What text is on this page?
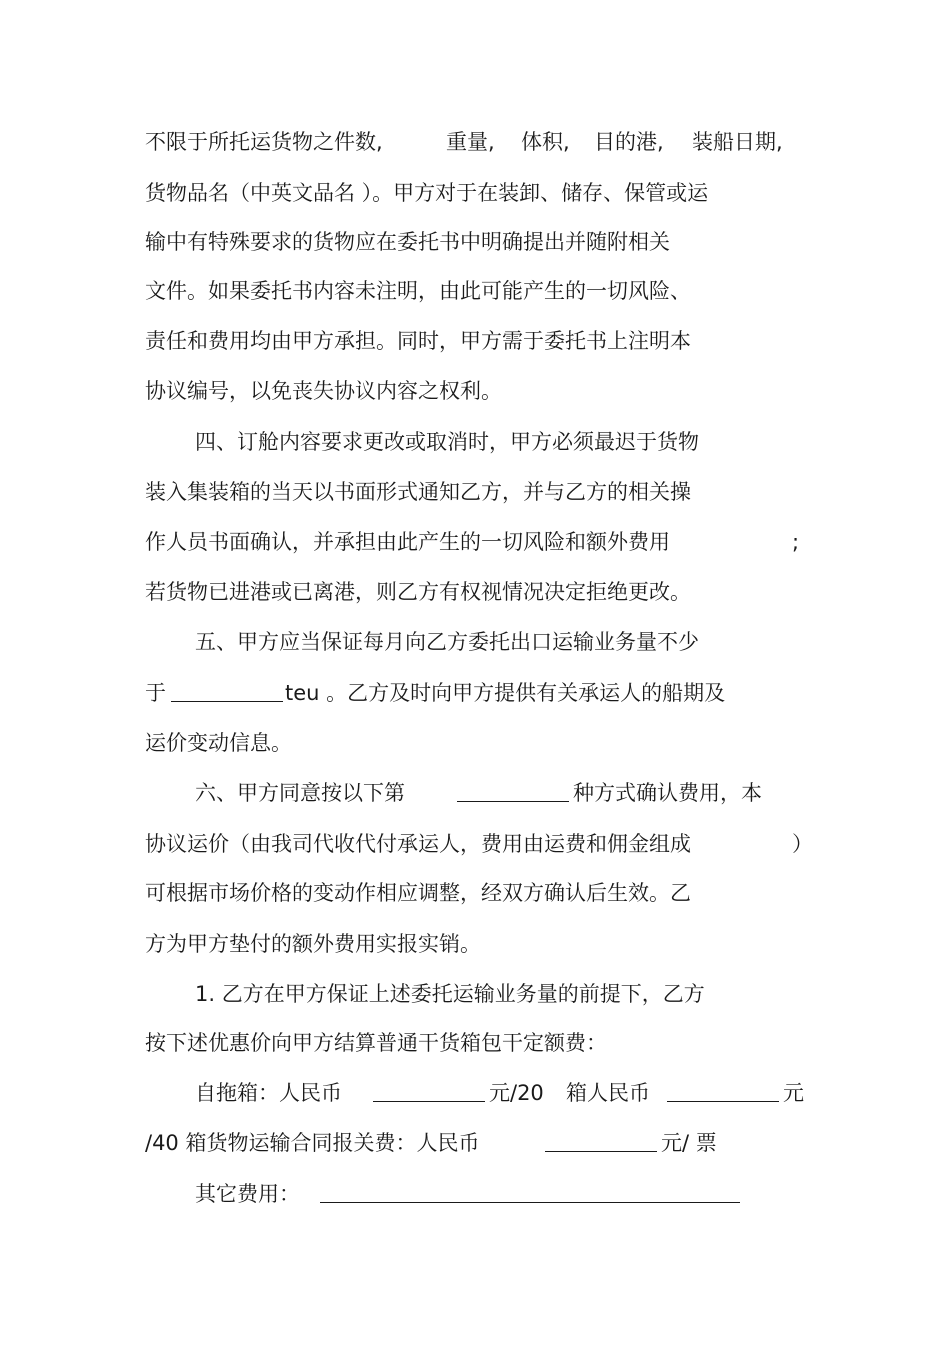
不限于所托运货物之件数,	重量, 体积, 目的港, 装船日期,
货物品名（中英文品名 ）。甲方对于在装卸、储存、保管或运
输中有特殊要求的货物应在委托书中明确提出并随附相关
文件。如果委托书内容未注明，由此可能产生的一切风险、
责任和费用均由甲方承担。同时，甲方需于委托书上注明本
协议编号，以免丧失协议内容之权利。
四、订舱内容要求更改或取消时，甲方必须最迟于货物
装入集装箱的当天以书面形式通知乙方，并与乙方的相关操
作人员书面确认，并承担由此产生的一切风险和额外费用	;
若货物已进港或已离港，则乙方有权视情况决定拒绝更改。
五、甲方应当保证每月向乙方委托出口运输业务量不少
于	teu 。乙方及时向甲方提供有关承运人的船期及
运价变动信息。
六、甲方同意按以下第	种方式确认费用，本
协议运价（由我司代收代付承运人，费用由运费和佣金组成	）
可根据市场价格的变动作相应调整，经双方确认后生效。乙
方为甲方垫付的额外费用实报实销。
1. 乙方在甲方保证上述委托运输业务量的前提下，乙方
按下述优惠价向甲方结算普通干货箱包干定额费：
自拖箱：人民币	元/20 箱人民币	元
/40 箱货物运输合同报关费：人民币	元/ 票
其它费用：
